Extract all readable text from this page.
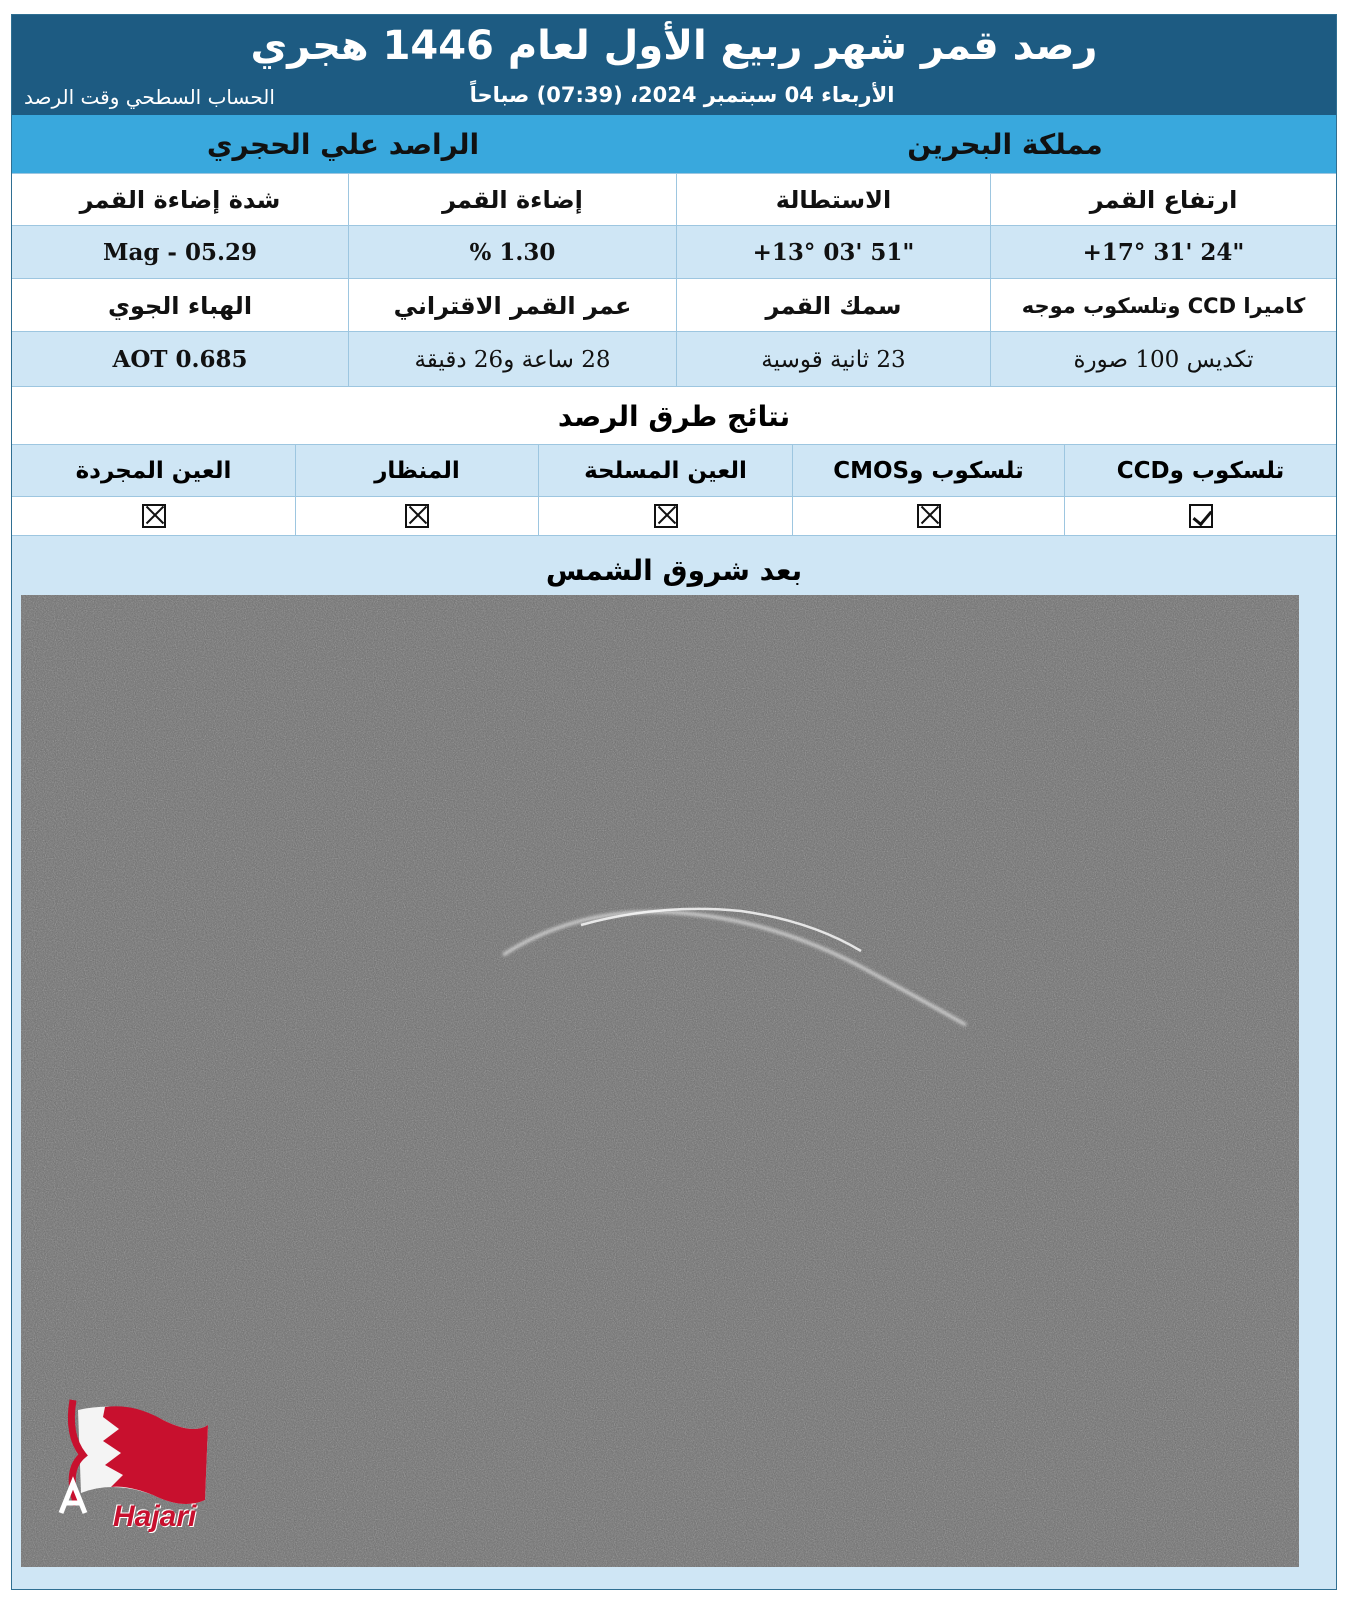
رصد قمر شهر ربيع الأول لعام 1446 هجري
الأربعاء 04 سبتمبر 2024، (07:39) صباحاً
الحساب السطحي وقت الرصد
مملكة البحرين
الراصد علي الحجري
ارتفاع القمر
الاستطالة
إضاءة القمر
شدة إضاءة القمر
+17° 31' 24"
+13° 03' 51"
% 1.30
Mag - 05.29
كاميرا CCD وتلسكوب موجه
سمك القمر
عمر القمر الاقتراني
الهباء الجوي
تكديس 100 صورة
23 ثانية قوسية
28 ساعة و26 دقيقة
AOT 0.685
نتائج طرق الرصد
تلسكوب وCCD
تلسكوب وCMOS
العين المسلحة
المنظار
العين المجردة
بعد شروق الشمس
Hajari
